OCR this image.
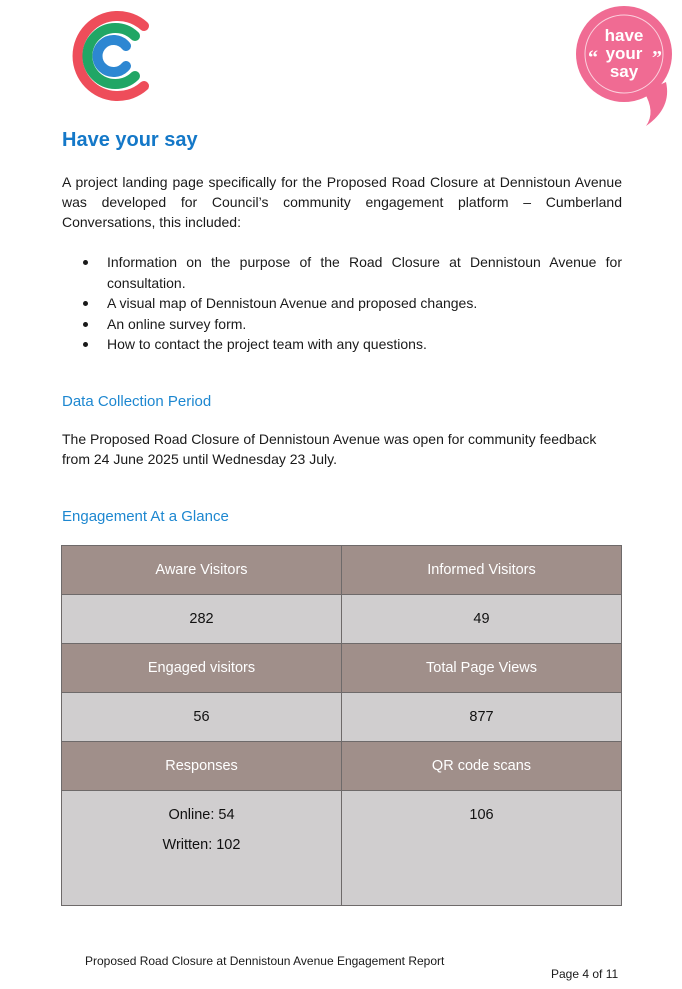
have
your
say
“	”
Have your say

A project landing page specifically for the Proposed Road Closure at Dennistoun Avenue was developed for Council’s community engagement platform – Cumberland Conversations, this included:

Information on the purpose of the Road Closure at Dennistoun Avenue for consultation.
A visual map of Dennistoun Avenue and proposed changes.
An online survey form.
How to contact the project team with any questions.
Data Collection Period

The Proposed Road Closure of Dennistoun Avenue was open for community feedback from 24 June 2025 until Wednesday 23 July.

Engagement At a Glance
Aware Visitors	Informed Visitors
282	49
Engaged visitors	Total Page Views
56	877
Responses	QR code scans

Online: 54
Written: 102	106
Proposed Road Closure at Dennistoun Avenue Engagement Report
Page 4 of 11
